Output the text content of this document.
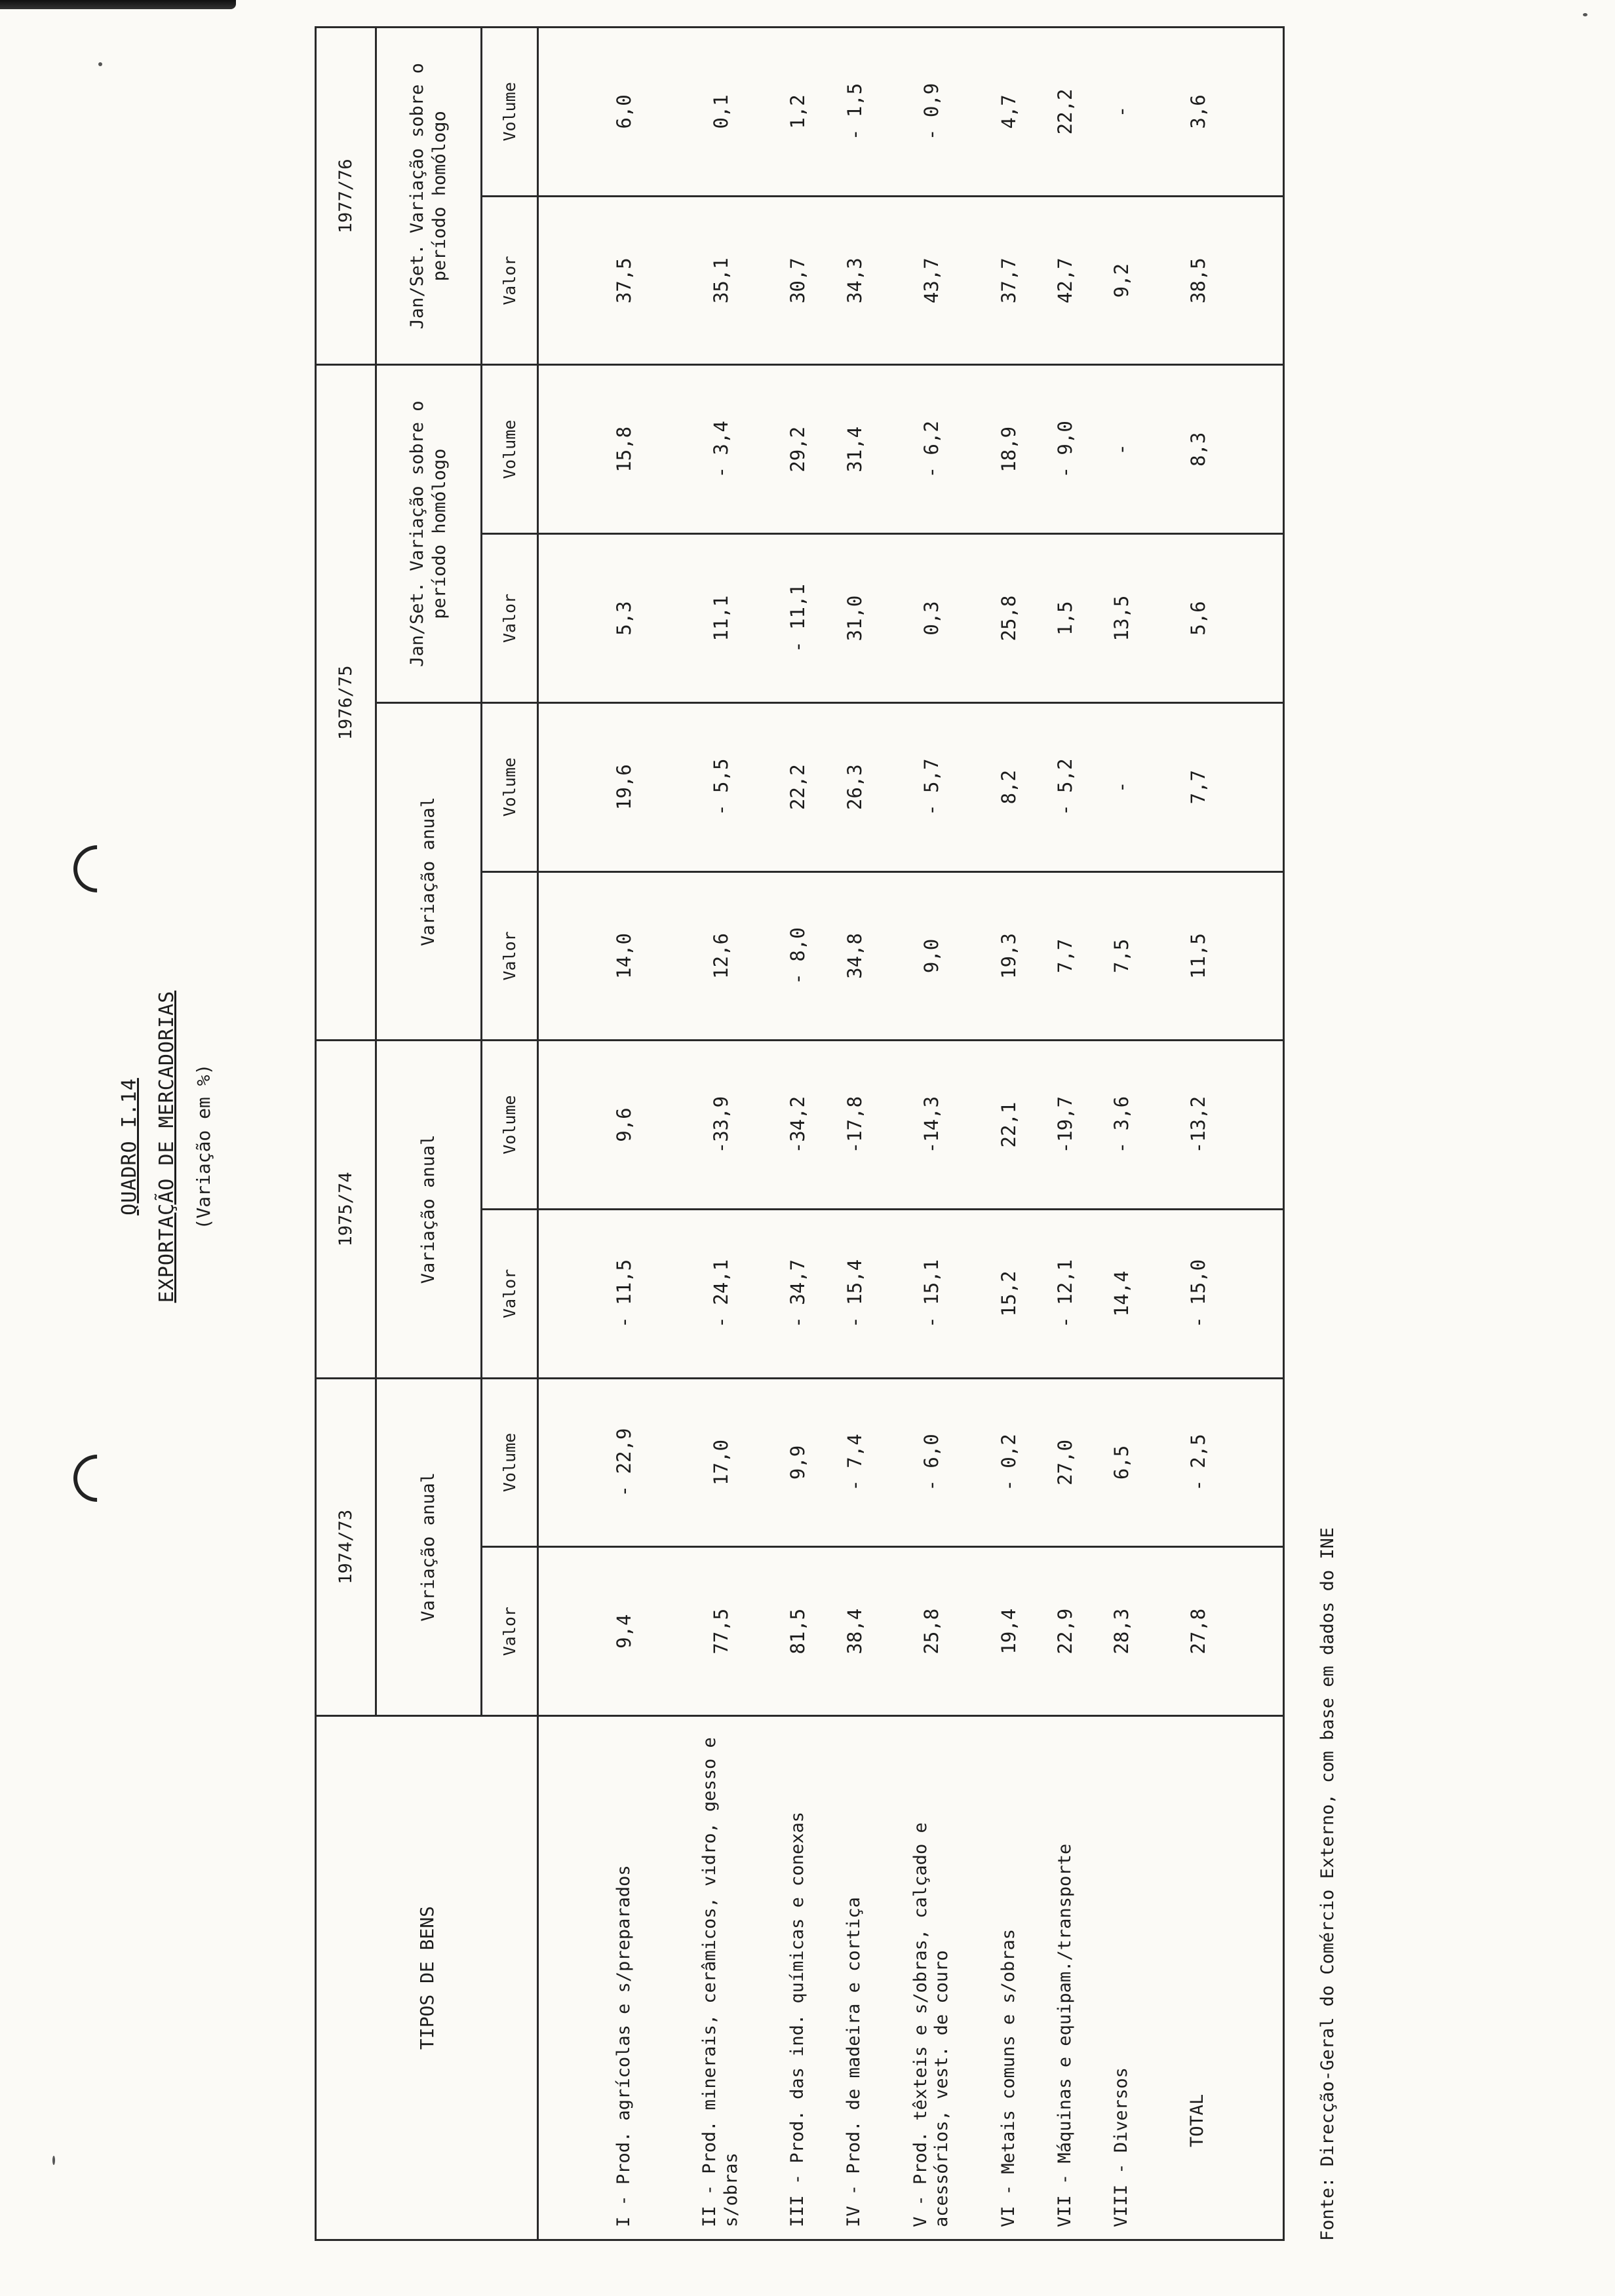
QUADRO I.14 EXPORTAÇÃO DE MERCADORIAS (Variação em %)
TIPOS DE BENS	1974/73		1975/74		1976/75				1977/76	
	Variação anual		Variação anual		Variação anual		Jan/Set. Variação sobre o período homólogo		Jan/Set. Variação sobre o período homólogo	
	Valor	Volume	Valor	Volume	Valor	Volume	Valor	Volume	Valor	Volume
I - Prod. agrícolas e s/preparados	9,4	- 22,9	- 11,5	9,6	14,0	19,6	5,3	15,8	37,5	6,0
II - Prod. minerais, cerâmicos, vidro, gesso e s/obras	77,5	17,0	- 24,1	-33,9	12,6	- 5,5	11,1	- 3,4	35,1	0,1
III - Prod. das ind. químicas e conexas	81,5	9,9	- 34,7	-34,2	- 8,0	22,2	- 11,1	29,2	30,7	1,2
IV - Prod. de madeira e cortiça	38,4	- 7,4	- 15,4	-17,8	34,8	26,3	31,0	31,4	34,3	- 1,5
V - Prod. têxteis e s/obras, calçado e acessórios, vest. de couro	25,8	- 6,0	- 15,1	-14,3	9,0	- 5,7	0,3	- 6,2	43,7	- 0,9
VI - Metais comuns e s/obras	19,4	- 0,2	15,2	22,1	19,3	8,2	25,8	18,9	37,7	4,7
VII - Máquinas e equipam./transporte	22,9	27,0	- 12,1	-19,7	7,7	- 5,2	1,5	- 9,0	42,7	22,2
VIII - Diversos	28,3	6,5	14,4	- 3,6	7,5	-	13,5	-	9,2	-
TOTAL	27,8	- 2,5	- 15,0	-13,2	11,5	7,7	5,6	8,3	38,5	3,6
Fonte: Direcção-Geral do Comércio Externo, com base em dados do INE
